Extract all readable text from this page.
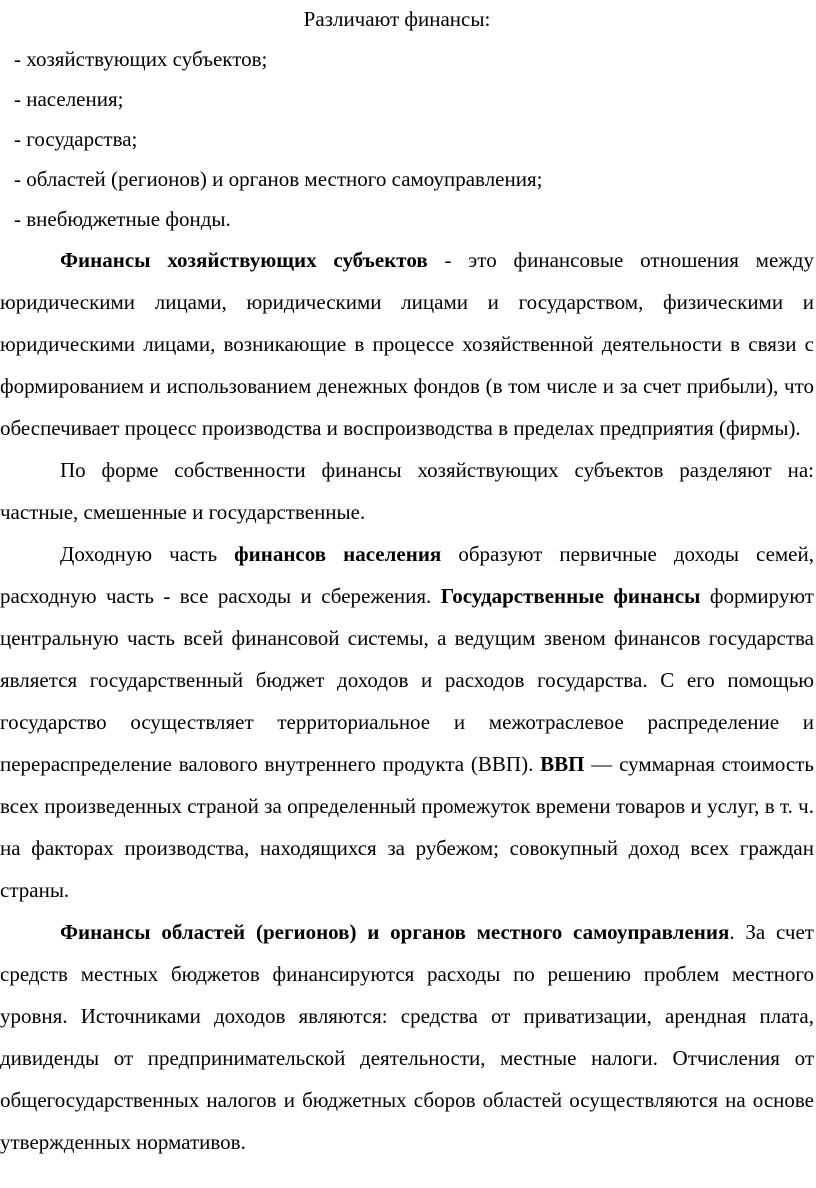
Различают финансы:

- хозяйствующих субъектов;
- населения;
- государства;
- областей (регионов) и органов местного самоуправления;
- внебюджетные фонды.

Финансы хозяйствующих субъектов - это финансовые отношения между юридическими лицами, юридическими лицами и государством, физическими и юридическими лицами, возникающие в процессе хозяйственной деятельности в связи с формированием и использованием денежных фондов (в том числе и за счет прибыли), что обеспечивает процесс производства и воспроизводства в пределах предприятия (фирмы).

По форме собственности финансы хозяйствующих субъектов разделяют на: частные, смешенные и государственные.

Доходную часть финансов населения образуют первичные доходы семей, расходную часть - все расходы и сбережения. Государственные финансы формируют центральную часть всей финансовой системы, а ведущим звеном финансов государства является государственный бюджет доходов и расходов государства. С его помощью государство осуществляет территориальное и межотраслевое распределение и перераспределение валового внутреннего продукта (ВВП). ВВП — суммарная стоимость всех произведенных страной за определенный промежуток времени товаров и услуг, в т. ч. на факторах производства, находящихся за рубежом; совокупный доход всех граждан страны.

Финансы областей (регионов) и органов местного самоуправления. За счет средств местных бюджетов финансируются расходы по решению проблем местного уровня. Источниками доходов являются: средства от приватизации, арендная плата, дивиденды от предпринимательской деятельности, местные налоги. Отчисления от общегосударственных налогов и бюджетных сборов областей осуществляются на основе утвержденных нормативов.
